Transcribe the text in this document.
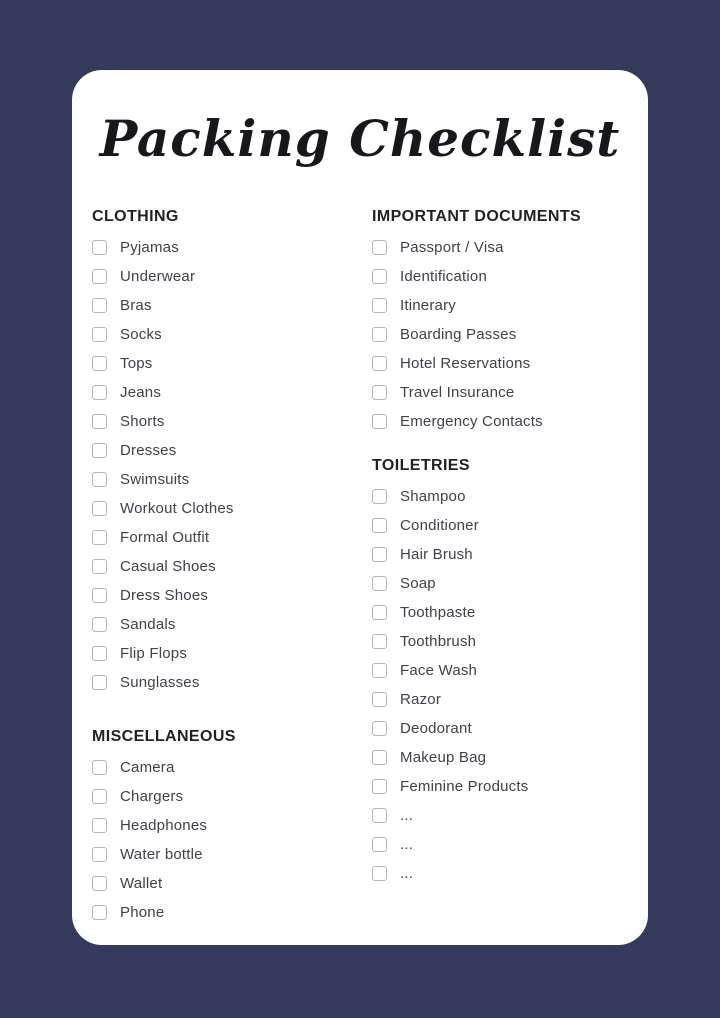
Packing Checklist
CLOTHING
Pyjamas
Underwear
Bras
Socks
Tops
Jeans
Shorts
Dresses
Swimsuits
Workout Clothes
Formal Outfit
Casual Shoes
Dress Shoes
Sandals
Flip Flops
Sunglasses
MISCELLANEOUS
Camera
Chargers
Headphones
Water bottle
Wallet
Phone
IMPORTANT DOCUMENTS
Passport / Visa
Identification
Itinerary
Boarding Passes
Hotel Reservations
Travel Insurance
Emergency Contacts
TOILETRIES
Shampoo
Conditioner
Hair Brush
Soap
Toothpaste
Toothbrush
Face Wash
Razor
Deodorant
Makeup Bag
Feminine Products
...
...
...
